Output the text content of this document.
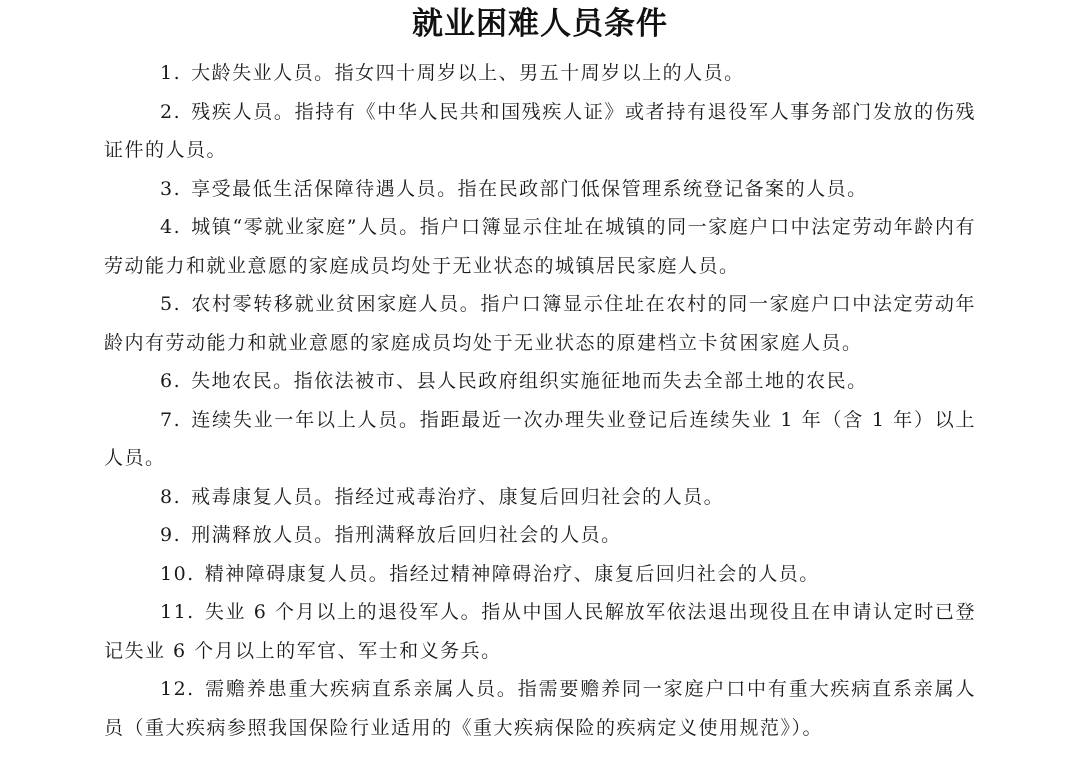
就业困难人员条件

1. 大龄失业人员。指女四十周岁以上、男五十周岁以上的人员。

2. 残疾人员。指持有《中华人民共和国残疾人证》或者持有退役军人事务部门发放的伤残证件的人员。

3. 享受最低生活保障待遇人员。指在民政部门低保管理系统登记备案的人员。

4. 城镇“零就业家庭”人员。指户口簿显示住址在城镇的同一家庭户口中法定劳动年龄内有劳动能力和就业意愿的家庭成员均处于无业状态的城镇居民家庭人员。

5. 农村零转移就业贫困家庭人员。指户口簿显示住址在农村的同一家庭户口中法定劳动年龄内有劳动能力和就业意愿的家庭成员均处于无业状态的原建档立卡贫困家庭人员。

6. 失地农民。指依法被市、县人民政府组织实施征地而失去全部土地的农民。

7. 连续失业一年以上人员。指距最近一次办理失业登记后连续失业 1 年（含 1 年）以上人员。

8. 戒毒康复人员。指经过戒毒治疗、康复后回归社会的人员。

9. 刑满释放人员。指刑满释放后回归社会的人员。

10. 精神障碍康复人员。指经过精神障碍治疗、康复后回归社会的人员。

11. 失业 6 个月以上的退役军人。指从中国人民解放军依法退出现役且在申请认定时已登记失业 6 个月以上的军官、军士和义务兵。

12. 需赡养患重大疾病直系亲属人员。指需要赡养同一家庭户口中有重大疾病直系亲属人员（重大疾病参照我国保险行业适用的《重大疾病保险的疾病定义使用规范》）。
